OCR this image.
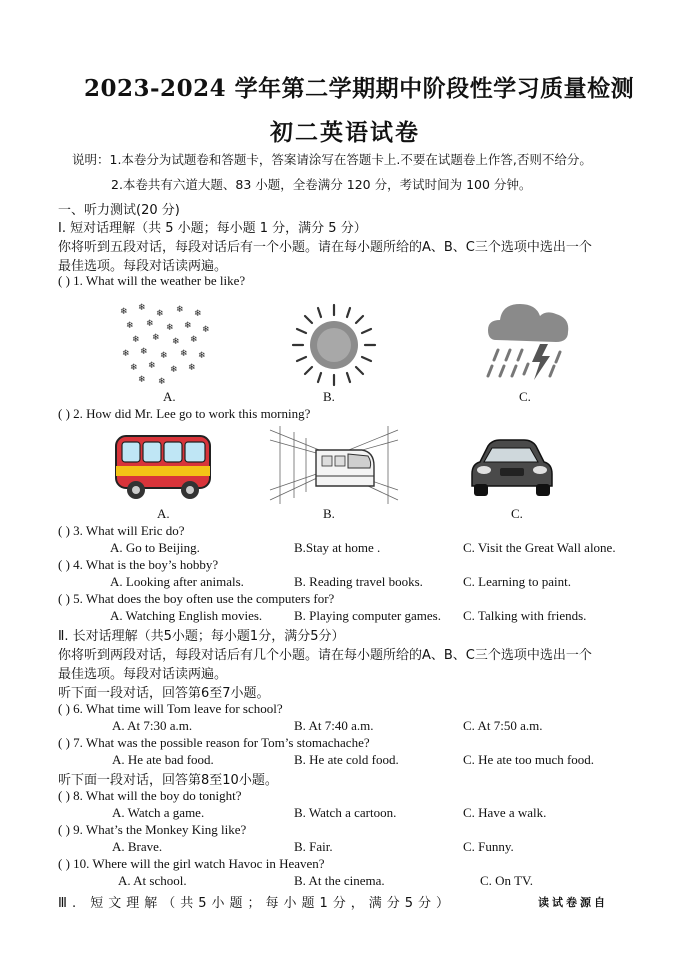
2023-2024 学年第二学期期中阶段性学习质量检测
初二英语试卷
说明：1.本卷分为试题卷和答题卡，答案请涂写在答题卡上.不要在试题卷上作答,否则不给分。
2.本卷共有六道大题、83 小题，全卷满分 120 分，考试时间为 100 分钟。
一、听力测试(20 分)
Ⅰ. 短对话理解（共 5 小题；每小题 1 分，满分 5 分）
你将听到五段对话，每段对话后有一个小题。请在每小题所给的A、B、C三个选项中选出一个
最佳选项。每段对话读两遍。
( ) 1. What will the weather be like?
❄ ❄
❄ ❄ ❄
❄ ❄ ❄ ❄ ❄
❄ ❄ ❄ ❄
❄ ❄ ❄ ❄ ❄
❄ ❄ ❄ ❄
❄ ❄
A.	B.	C.
( ) 2. How did Mr. Lee go to work this morning?
A.	B.	C.
( ) 3. What will Eric do?
A. Go to Beijing.	B.Stay at home .	C. Visit the Great Wall alone.
( ) 4. What is the boy’s hobby?
A. Looking after animals.	B. Reading travel books.	C. Learning to paint.
( ) 5. What does the boy often use the computers for?
A. Watching English movies. B. Playing computer games. C. Talking with friends.
Ⅱ. 长对话理解（共5小题；每小题1分，满分5分）
你将听到两段对话，每段对话后有几个小题。请在每小题所给的A、B、C三个选项中选出一个
最佳选项。每段对话读两遍。
听下面一段对话，回答第6至7小题。
( ) 6. What time will Tom leave for school?
A. At 7:30 a.m.	B. At 7:40 a.m.	C. At 7:50 a.m.
( ) 7. What was the possible reason for Tom’s stomachache?
A. He ate bad food.	B. He ate cold food.	C. He ate too much food.
听下面一段对话，回答第8至10小题。
( ) 8. What will the boy do tonight?
A. Watch a game.	B. Watch a cartoon.	C. Have a walk.
( ) 9. What’s the Monkey King like?
A. Brave.	B. Fair.	C. Funny.
( ) 10. Where will the girl watch Havoc in Heaven?
A. At school.	B. At the cinema.	C. On TV.
Ⅲ. 短文理解（共5小题；每小题1分，满分5分）	读试卷源自
